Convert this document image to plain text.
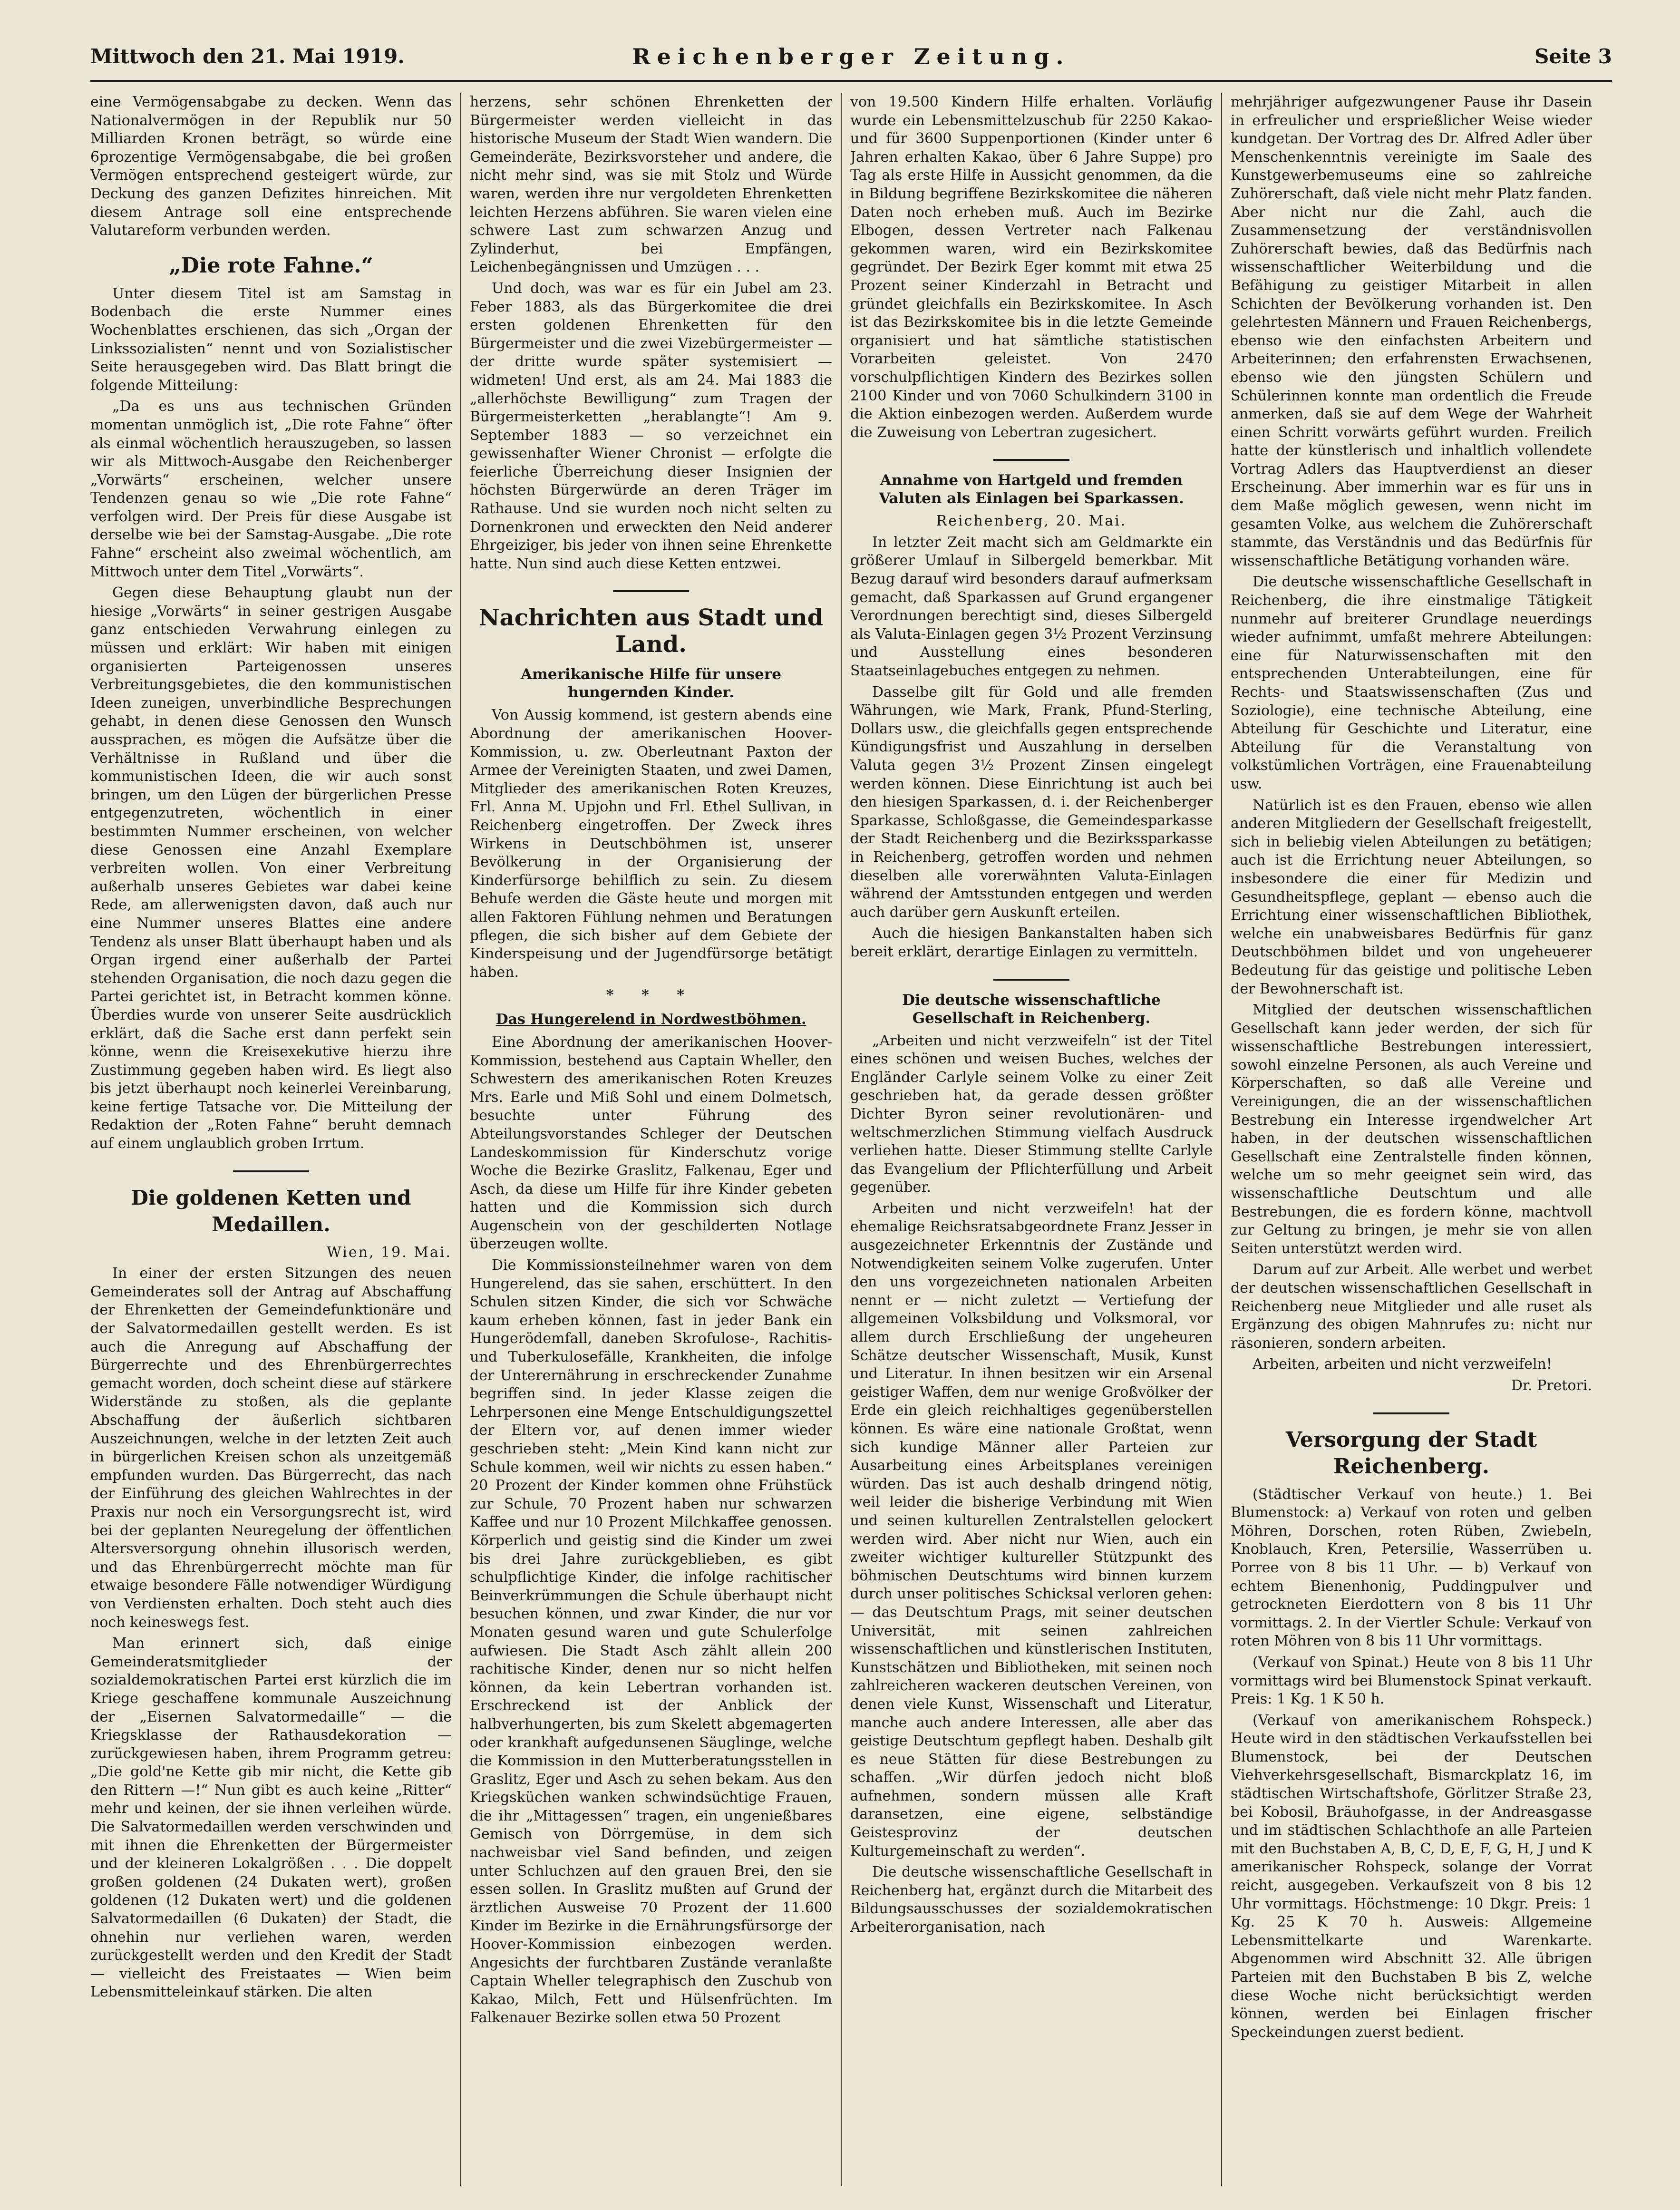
Mittwoch den 21. Mai 1919.	Reichenberger Zeitung.	Seite 3

eine Vermögensabgabe zu decken. Wenn das Nationalvermögen in der Republik nur 50 Milliarden Kronen beträgt, so würde eine 6prozentige Vermögensabgabe, die bei großen Vermögen entsprechend gesteigert würde, zur Deckung des ganzen Defizites hinreichen. Mit diesem Antrage soll eine entsprechende Valutareform verbunden werden.

„Die rote Fahne.“

Unter diesem Titel ist am Samstag in Bodenbach die erste Nummer eines Wochenblattes erschienen, das sich „Organ der Linkssozialisten“ nennt und von Sozialistischer Seite herausgegeben wird. Das Blatt bringt die folgende Mitteilung:

„Da es uns aus technischen Gründen momentan unmöglich ist, „Die rote Fahne“ öfter als einmal wöchentlich herauszugeben, so lassen wir als Mittwoch-Ausgabe den Reichenberger „Vorwärts“ erscheinen, welcher unsere Tendenzen genau so wie „Die rote Fahne“ verfolgen wird. Der Preis für diese Ausgabe ist derselbe wie bei der Samstag-Ausgabe. „Die rote Fahne“ erscheint also zweimal wöchentlich, am Mittwoch unter dem Titel „Vorwärts“.

Gegen diese Behauptung glaubt nun der hiesige „Vorwärts“ in seiner gestrigen Ausgabe ganz entschieden Verwahrung einlegen zu müssen und erklärt: Wir haben mit einigen organisierten Parteigenossen unseres Verbreitungsgebietes, die den kommunistischen Ideen zuneigen, unverbindliche Besprechungen gehabt, in denen diese Genossen den Wunsch aussprachen, es mögen die Aufsätze über die Verhältnisse in Rußland und über die kommunistischen Ideen, die wir auch sonst bringen, um den Lügen der bürgerlichen Presse entgegenzutreten, wöchentlich in einer bestimmten Nummer erscheinen, von welcher diese Genossen eine Anzahl Exemplare verbreiten wollen. Von einer Verbreitung außerhalb unseres Gebietes war dabei keine Rede, am allerwenigsten davon, daß auch nur eine Nummer unseres Blattes eine andere Tendenz als unser Blatt überhaupt haben und als Organ irgend einer außerhalb der Partei stehenden Organisation, die noch dazu gegen die Partei gerichtet ist, in Betracht kommen könne. Überdies wurde von unserer Seite ausdrücklich erklärt, daß die Sache erst dann perfekt sein könne, wenn die Kreisexekutive hierzu ihre Zustimmung gegeben haben wird. Es liegt also bis jetzt überhaupt noch keinerlei Vereinbarung, keine fertige Tatsache vor. Die Mitteilung der Redaktion der „Roten Fahne“ beruht demnach auf einem unglaublich groben Irrtum.

Die goldenen Ketten und Medaillen.

Wien, 19. Mai.

In einer der ersten Sitzungen des neuen Gemeinderates soll der Antrag auf Abschaffung der Ehrenketten der Gemeindefunktionäre und der Salvatormedaillen gestellt werden. Es ist auch die Anregung auf Abschaffung der Bürgerrechte und des Ehrenbürgerrechtes gemacht worden, doch scheint diese auf stärkere Widerstände zu stoßen, als die geplante Abschaffung der äußerlich sichtbaren Auszeichnungen, welche in der letzten Zeit auch in bürgerlichen Kreisen schon als unzeitgemäß empfunden wurden. Das Bürgerrecht, das nach der Einführung des gleichen Wahlrechtes in der Praxis nur noch ein Versorgungsrecht ist, wird bei der geplanten Neuregelung der öffentlichen Altersversorgung ohnehin illusorisch werden, und das Ehrenbürgerrecht möchte man für etwaige besondere Fälle notwendiger Würdigung von Verdiensten erhalten. Doch steht auch dies noch keineswegs fest.

Man erinnert sich, daß einige Gemeinderatsmitglieder der sozialdemokratischen Partei erst kürzlich die im Kriege geschaffene kommunale Auszeichnung der „Eisernen Salvatormedaille“ — die Kriegsklasse der Rathausdekoration — zurückgewiesen haben, ihrem Programm getreu: „Die gold'ne Kette gib mir nicht, die Kette gib den Rittern —!“ Nun gibt es auch keine „Ritter“ mehr und keinen, der sie ihnen verleihen würde. Die Salvatormedaillen werden verschwinden und mit ihnen die Ehrenketten der Bürgermeister und der kleineren Lokalgrößen . . . Die doppelt großen goldenen (24 Dukaten wert), großen goldenen (12 Dukaten wert) und die goldenen Salvatormedaillen (6 Dukaten) der Stadt, die ohnehin nur verliehen waren, werden zurückgestellt werden und den Kredit der Stadt — vielleicht des Freistaates — Wien beim Lebensmitteleinkauf stärken. Die alten

herzens, sehr schönen Ehrenketten der Bürgermeister werden vielleicht in das historische Museum der Stadt Wien wandern. Die Gemeinderäte, Bezirksvorsteher und andere, die nicht mehr sind, was sie mit Stolz und Würde waren, werden ihre nur vergoldeten Ehrenketten leichten Herzens abführen. Sie waren vielen eine schwere Last zum schwarzen Anzug und Zylinderhut, bei Empfängen, Leichenbegängnissen und Umzügen . . .

Und doch, was war es für ein Jubel am 23. Feber 1883, als das Bürgerkomitee die drei ersten goldenen Ehrenketten für den Bürgermeister und die zwei Vizebürgermeister — der dritte wurde später systemisiert — widmeten! Und erst, als am 24. Mai 1883 die „allerhöchste Bewilligung“ zum Tragen der Bürgermeisterketten „herablangte“! Am 9. September 1883 — so verzeichnet ein gewissenhafter Wiener Chronist — erfolgte die feierliche Überreichung dieser Insignien der höchsten Bürgerwürde an deren Träger im Rathause. Und sie wurden noch nicht selten zu Dornenkronen und erweckten den Neid anderer Ehrgeiziger, bis jeder von ihnen seine Ehrenkette hatte. Nun sind auch diese Ketten entzwei.

Nachrichten aus Stadt und Land.
Amerikanische Hilfe für unsere hungernden Kinder.

Von Aussig kommend, ist gestern abends eine Abordnung der amerikanischen Hoover-Kommission, u. zw. Oberleutnant Paxton der Armee der Vereinigten Staaten, und zwei Damen, Mitglieder des amerikanischen Roten Kreuzes, Frl. Anna M. Upjohn und Frl. Ethel Sullivan, in Reichenberg eingetroffen. Der Zweck ihres Wirkens in Deutschböhmen ist, unserer Bevölkerung in der Organisierung der Kinderfürsorge behilflich zu sein. Zu diesem Behufe werden die Gäste heute und morgen mit allen Faktoren Fühlung nehmen und Beratungen pflegen, die sich bisher auf dem Gebiete der Kinderspeisung und der Jugendfürsorge betätigt haben.

* * *
Das Hungerelend in Nordwestböhmen.

Eine Abordnung der amerikanischen Hoover-Kommission, bestehend aus Captain Wheller, den Schwestern des amerikanischen Roten Kreuzes Mrs. Earle und Miß Sohl und einem Dolmetsch, besuchte unter Führung des Abteilungsvorstandes Schleger der Deutschen Landeskommission für Kinderschutz vorige Woche die Bezirke Graslitz, Falkenau, Eger und Asch, da diese um Hilfe für ihre Kinder gebeten hatten und die Kommission sich durch Augenschein von der geschilderten Notlage überzeugen wollte.

Die Kommissionsteilnehmer waren von dem Hungerelend, das sie sahen, erschüttert. In den Schulen sitzen Kinder, die sich vor Schwäche kaum erheben können, fast in jeder Bank ein Hungerödemfall, daneben Skrofulose-, Rachitis- und Tuberkulosefälle, Krankheiten, die infolge der Unterernährung in erschreckender Zunahme begriffen sind. In jeder Klasse zeigen die Lehrpersonen eine Menge Entschuldigungszettel der Eltern vor, auf denen immer wieder geschrieben steht: „Mein Kind kann nicht zur Schule kommen, weil wir nichts zu essen haben.“ 20 Prozent der Kinder kommen ohne Frühstück zur Schule, 70 Prozent haben nur schwarzen Kaffee und nur 10 Prozent Milchkaffee genossen. Körperlich und geistig sind die Kinder um zwei bis drei Jahre zurückgeblieben, es gibt schulpflichtige Kinder, die infolge rachitischer Beinverkrümmungen die Schule überhaupt nicht besuchen können, und zwar Kinder, die nur vor Monaten gesund waren und gute Schulerfolge aufwiesen. Die Stadt Asch zählt allein 200 rachitische Kinder, denen nur so nicht helfen können, da kein Lebertran vorhanden ist. Erschreckend ist der Anblick der halbverhungerten, bis zum Skelett abgemagerten oder krankhaft aufgedunsenen Säuglinge, welche die Kommission in den Mutterberatungsstellen in Graslitz, Eger und Asch zu sehen bekam. Aus den Kriegsküchen wanken schwindsüchtige Frauen, die ihr „Mittagessen“ tragen, ein ungenießbares Gemisch von Dörrgemüse, in dem sich nachweisbar viel Sand befinden, und zeigen unter Schluchzen auf den grauen Brei, den sie essen sollen. In Graslitz mußten auf Grund der ärztlichen Ausweise 70 Prozent der 11.600 Kinder im Bezirke in die Ernährungsfürsorge der Hoover-Kommission einbezogen werden. Angesichts der furchtbaren Zustände veranlaßte Captain Wheller telegraphisch den Zuschub von Kakao, Milch, Fett und Hülsenfrüchten. Im Falkenauer Bezirke sollen etwa 50 Prozent

von 19.500 Kindern Hilfe erhalten. Vorläufig wurde ein Lebensmittelzuschub für 2250 Kakao- und für 3600 Suppenportionen (Kinder unter 6 Jahren erhalten Kakao, über 6 Jahre Suppe) pro Tag als erste Hilfe in Aussicht genommen, da die in Bildung begriffene Bezirkskomitee die näheren Daten noch erheben muß. Auch im Bezirke Elbogen, dessen Vertreter nach Falkenau gekommen waren, wird ein Bezirkskomitee gegründet. Der Bezirk Eger kommt mit etwa 25 Prozent seiner Kinderzahl in Betracht und gründet gleichfalls ein Bezirkskomitee. In Asch ist das Bezirkskomitee bis in die letzte Gemeinde organisiert und hat sämtliche statistischen Vorarbeiten geleistet. Von 2470 vorschulpflichtigen Kindern des Bezirkes sollen 2100 Kinder und von 7060 Schulkindern 3100 in die Aktion einbezogen werden. Außerdem wurde die Zuweisung von Lebertran zugesichert.

Annahme von Hartgeld und fremden Valuten als Einlagen bei Sparkassen.

Reichenberg, 20. Mai.

In letzter Zeit macht sich am Geldmarkte ein größerer Umlauf in Silbergeld bemerkbar. Mit Bezug darauf wird besonders darauf aufmerksam gemacht, daß Sparkassen auf Grund ergangener Verordnungen berechtigt sind, dieses Silbergeld als Valuta-Einlagen gegen 3½ Prozent Verzinsung und Ausstellung eines besonderen Staatseinlagebuches entgegen zu nehmen.

Dasselbe gilt für Gold und alle fremden Währungen, wie Mark, Frank, Pfund-Sterling, Dollars usw., die gleichfalls gegen entsprechende Kündigungsfrist und Auszahlung in derselben Valuta gegen 3½ Prozent Zinsen eingelegt werden können. Diese Einrichtung ist auch bei den hiesigen Sparkassen, d. i. der Reichenberger Sparkasse, Schloßgasse, die Gemeindesparkasse der Stadt Reichenberg und die Bezirkssparkasse in Reichenberg, getroffen worden und nehmen dieselben alle vorerwähnten Valuta-Einlagen während der Amtsstunden entgegen und werden auch darüber gern Auskunft erteilen.

Auch die hiesigen Bankanstalten haben sich bereit erklärt, derartige Einlagen zu vermitteln.

Die deutsche wissenschaftliche Gesellschaft in Reichenberg.

„Arbeiten und nicht verzweifeln“ ist der Titel eines schönen und weisen Buches, welches der Engländer Carlyle seinem Volke zu einer Zeit geschrieben hat, da gerade dessen größter Dichter Byron seiner revolutionären- und weltschmerzlichen Stimmung vielfach Ausdruck verliehen hatte. Dieser Stimmung stellte Carlyle das Evangelium der Pflichterfüllung und Arbeit gegenüber.

Arbeiten und nicht verzweifeln! hat der ehemalige Reichsratsabgeordnete Franz Jesser in ausgezeichneter Erkenntnis der Zustände und Notwendigkeiten seinem Volke zugerufen. Unter den uns vorgezeichneten nationalen Arbeiten nennt er — nicht zuletzt — Vertiefung der allgemeinen Volksbildung und Volksmoral, vor allem durch Erschließung der ungeheuren Schätze deutscher Wissenschaft, Musik, Kunst und Literatur. In ihnen besitzen wir ein Arsenal geistiger Waffen, dem nur wenige Großvölker der Erde ein gleich reichhaltiges gegenüberstellen können. Es wäre eine nationale Großtat, wenn sich kundige Männer aller Parteien zur Ausarbeitung eines Arbeitsplanes vereinigen würden. Das ist auch deshalb dringend nötig, weil leider die bisherige Verbindung mit Wien und seinen kulturellen Zentralstellen gelockert werden wird. Aber nicht nur Wien, auch ein zweiter wichtiger kultureller Stützpunkt des böhmischen Deutschtums wird binnen kurzem durch unser politisches Schicksal verloren gehen: — das Deutschtum Prags, mit seiner deutschen Universität, mit seinen zahlreichen wissenschaftlichen und künstlerischen Instituten, Kunstschätzen und Bibliotheken, mit seinen noch zahlreicheren wackeren deutschen Vereinen, von denen viele Kunst, Wissenschaft und Literatur, manche auch andere Interessen, alle aber das geistige Deutschtum gepflegt haben. Deshalb gilt es neue Stätten für diese Bestrebungen zu schaffen. „Wir dürfen jedoch nicht bloß aufnehmen, sondern müssen alle Kraft daransetzen, eine eigene, selbständige Geistesprovinz der deutschen Kulturgemeinschaft zu werden“.

Die deutsche wissenschaftliche Gesellschaft in Reichenberg hat, ergänzt durch die Mitarbeit des Bildungsausschusses der sozialdemokratischen Arbeiterorganisation, nach

mehrjähriger aufgezwungener Pause ihr Dasein in erfreulicher und ersprießlicher Weise wieder kundgetan. Der Vortrag des Dr. Alfred Adler über Menschenkenntnis vereinigte im Saale des Kunstgewerbemuseums eine so zahlreiche Zuhörerschaft, daß viele nicht mehr Platz fanden. Aber nicht nur die Zahl, auch die Zusammensetzung der verständnisvollen Zuhörerschaft bewies, daß das Bedürfnis nach wissenschaftlicher Weiterbildung und die Befähigung zu geistiger Mitarbeit in allen Schichten der Bevölkerung vorhanden ist. Den gelehrtesten Männern und Frauen Reichenbergs, ebenso wie den einfachsten Arbeitern und Arbeiterinnen; den erfahrensten Erwachsenen, ebenso wie den jüngsten Schülern und Schülerinnen konnte man ordentlich die Freude anmerken, daß sie auf dem Wege der Wahrheit einen Schritt vorwärts geführt wurden. Freilich hatte der künstlerisch und inhaltlich vollendete Vortrag Adlers das Hauptverdienst an dieser Erscheinung. Aber immerhin war es für uns in dem Maße möglich gewesen, wenn nicht im gesamten Volke, aus welchem die Zuhörerschaft stammte, das Verständnis und das Bedürfnis für wissenschaftliche Betätigung vorhanden wäre.

Die deutsche wissenschaftliche Gesellschaft in Reichenberg, die ihre einstmalige Tätigkeit nunmehr auf breiterer Grundlage neuerdings wieder aufnimmt, umfaßt mehrere Abteilungen: eine für Naturwissenschaften mit den entsprechenden Unterabteilungen, eine für Rechts- und Staatswissenschaften (Zus und Soziologie), eine technische Abteilung, eine Abteilung für Geschichte und Literatur, eine Abteilung für die Veranstaltung von volkstümlichen Vorträgen, eine Frauenabteilung usw.

Natürlich ist es den Frauen, ebenso wie allen anderen Mitgliedern der Gesellschaft freigestellt, sich in beliebig vielen Abteilungen zu betätigen; auch ist die Errichtung neuer Abteilungen, so insbesondere die einer für Medizin und Gesundheitspflege, geplant — ebenso auch die Errichtung einer wissenschaftlichen Bibliothek, welche ein unabweisbares Bedürfnis für ganz Deutschböhmen bildet und von ungeheuerer Bedeutung für das geistige und politische Leben der Bewohnerschaft ist.

Mitglied der deutschen wissenschaftlichen Gesellschaft kann jeder werden, der sich für wissenschaftliche Bestrebungen interessiert, sowohl einzelne Personen, als auch Vereine und Körperschaften, so daß alle Vereine und Vereinigungen, die an der wissenschaftlichen Bestrebung ein Interesse irgendwelcher Art haben, in der deutschen wissenschaftlichen Gesellschaft eine Zentralstelle finden können, welche um so mehr geeignet sein wird, das wissenschaftliche Deutschtum und alle Bestrebungen, die es fordern könne, machtvoll zur Geltung zu bringen, je mehr sie von allen Seiten unterstützt werden wird.

Darum auf zur Arbeit. Alle werbet und werbet der deutschen wissenschaftlichen Gesellschaft in Reichenberg neue Mitglieder und alle ruset als Ergänzung des obigen Mahnrufes zu: nicht nur räsonieren, sondern arbeiten.

Arbeiten, arbeiten und nicht verzweifeln!

Dr. Pretori.

Versorgung der Stadt Reichenberg.

(Städtischer Verkauf von heute.) 1. Bei Blumenstock: a) Verkauf von roten und gelben Möhren, Dorschen, roten Rüben, Zwiebeln, Knoblauch, Kren, Petersilie, Wasserrüben u. Porree von 8 bis 11 Uhr. — b) Verkauf von echtem Bienenhonig, Puddingpulver und getrockneten Eierdottern von 8 bis 11 Uhr vormittags. 2. In der Viertler Schule: Verkauf von roten Möhren von 8 bis 11 Uhr vormittags.

(Verkauf von Spinat.) Heute von 8 bis 11 Uhr vormittags wird bei Blumenstock Spinat verkauft. Preis: 1 Kg. 1 K 50 h.

(Verkauf von amerikanischem Rohspeck.) Heute wird in den städtischen Verkaufsstellen bei Blumenstock, bei der Deutschen Viehverkehrsgesellschaft, Bismarckplatz 16, im städtischen Wirtschaftshofe, Görlitzer Straße 23, bei Kobosil, Bräuhofgasse, in der Andreasgasse und im städtischen Schlachthofe an alle Parteien mit den Buchstaben A, B, C, D, E, F, G, H, J und K amerikanischer Rohspeck, solange der Vorrat reicht, ausgegeben. Verkaufszeit von 8 bis 12 Uhr vormittags. Höchstmenge: 10 Dkgr. Preis: 1 Kg. 25 K 70 h. Ausweis: Allgemeine Lebensmittelkarte und Warenkarte. Abgenommen wird Abschnitt 32. Alle übrigen Parteien mit den Buchstaben B bis Z, welche diese Woche nicht berücksichtigt werden können, werden bei Einlagen frischer Speckeindungen zuerst bedient.
